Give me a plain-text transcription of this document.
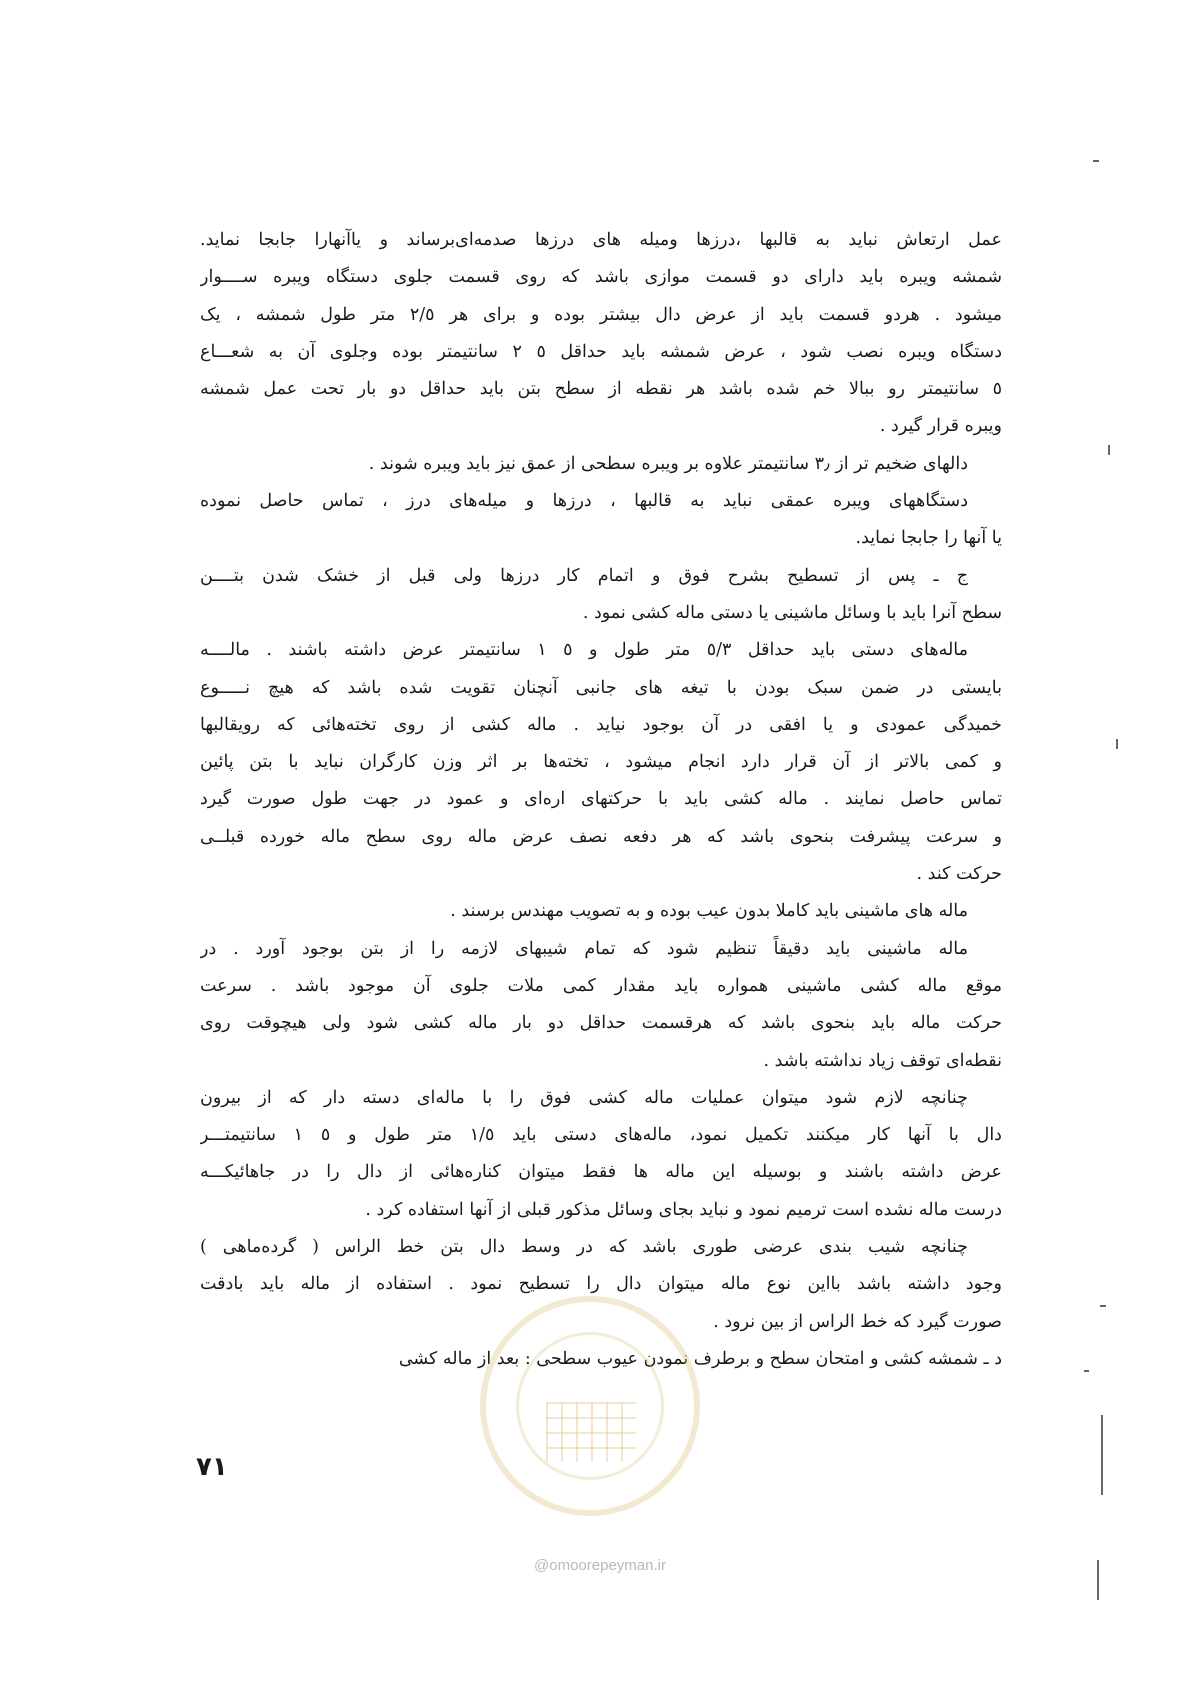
عمل ارتعاش نباید به قالبها ،درزها ومیله های درزها صدمه‌ای‌برساند و یاآنهارا جابجا نماید.
شمشه ویبره باید دارای دو قسمت موازی باشد که روی قسمت جلوی دستگاه ویبره ســــوار
میشود . هردو قسمت باید از عرض دال بیشتر بوده و برای هر ۲/٥ متر طول شمشه ، یک
دستگاه ویبره نصب شود ، عرض شمشه باید حداقل ٥ ۲ سانتیمتر بوده وجلوی آن به شعـــاع
٥ سانتیمتر رو ببالا خم شده باشد هر نقطه از سطح بتن باید حداقل دو بار تحت عمل شمشه
ویبره قرار گیرد .
دالهای ضخیم تر از ۳٫ سانتیمتر علاوه بر ویبره سطحی از عمق نیز باید ویبره شوند .
دستگاههای ویبره عمقی نباید به قالبها ، درزها و میله‌های درز ، تماس حاصل نموده
یا آنها را جابجا نماید.
ج ـ پس از تسطیح بشرح فوق و اتمام کار درزها ولی قبل از خشک شدن بتــــن
سطح آنرا باید با وسائل ماشینی یا دستی ماله کشی نمود .
ماله‌های دستی باید حداقل ٥/۳ متر طول و ٥ ۱ سانتیمتر عرض داشته باشند . مالــــه
بایستی در ضمن سبک بودن با تیغه های جانبی آنچنان تقویت شده باشد که هیچ نـــــوع
خمیدگی عمودی و یا افقی در آن بوجود نیاید . ماله کشی از روی تخته‌هائی که رویقالبها
و کمی بالاتر از آن قرار دارد انجام میشود ، تخته‌ها بر اثر وزن کارگران نباید با بتن پائین
تماس حاصل نمایند . ماله کشی باید با حرکتهای اره‌ای و عمود در جهت طول صورت گیرد
و سرعت پیشرفت بنحوی باشد که هر دفعه نصف عرض ماله روی سطح ماله خورده قبلــی
حرکت کند .
ماله های ماشینی باید کاملا بدون عیب بوده و به تصویب مهندس برسند .
ماله ماشینی باید دقیقاً تنظیم شود که تمام شیبهای لازمه را از بتن بوجود آورد . در
موقع ماله کشی ماشینی همواره باید مقدار کمی ملات جلوی آن موجود باشد . سرعت
حرکت ماله باید بنحوی باشد که هرقسمت حداقل دو بار ماله کشی شود ولی هیچوقت روی
نقطه‌ای توقف زیاد نداشته باشد .
چنانچه لازم شود میتوان عملیات ماله کشی فوق را با ماله‌ای دسته دار که از بیرون
دال با آنها کار میکنند تکمیل نمود، ماله‌های دستی باید ۱/٥ متر طول و ٥ ۱ سانتیمتـــر
عرض داشته باشند و بوسیله این ماله ها فقط میتوان کناره‌هائی از دال را در جاهائیکـــه
درست ماله نشده است ترمیم نمود و نباید بجای وسائل مذکور قبلی از آنها استفاده کرد .
چنانچه شیب بندی عرضی طوری باشد که در وسط دال بتن خط الراس ( گرده‌ماهی )
وجود داشته باشد بااین نوع ماله میتوان دال را تسطیح نمود . استفاده از ماله باید بادقت
صورت گیرد که خط الراس از بین نرود .
د ـ شمشه کشی و امتحان سطح و برطرف نمودن عیوب سطحی : بعد از ماله کشی
۷۱
@omoorepeyman.ir
